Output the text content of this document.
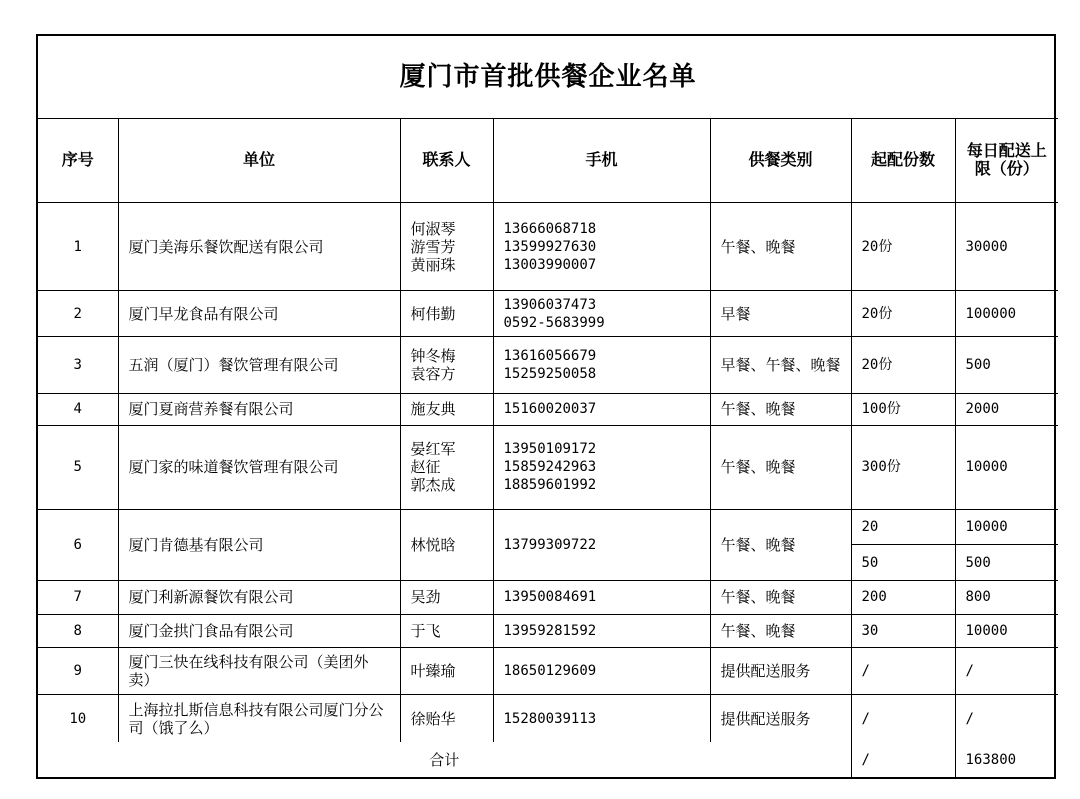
厦门市首批供餐企业名单						
序号	单位	联系人	手机	供餐类别	起配份数	每日配送上限（份）
1	厦门美海乐餐饮配送有限公司	何淑琴
游雪芳
黄丽珠	13666068718
13599927630
13003990007	午餐、晚餐	20份	30000
2	厦门早龙食品有限公司	柯伟勤	13906037473
0592-5683999	早餐	20份	100000
3	五润（厦门）餐饮管理有限公司	钟冬梅
袁容方	13616056679
15259250058	早餐、午餐、晚餐	20份	500
4	厦门夏商营养餐有限公司	施友典	15160020037	午餐、晚餐	100份	2000
5	厦门家的味道餐饮管理有限公司	晏红军
赵征
郭杰成	13950109172
15859242963
18859601992	午餐、晚餐	300份	10000
6	厦门肯德基有限公司	林悦晗	13799309722	午餐、晚餐	20	10000
					50	500
7	厦门利新源餐饮有限公司	吴劲	13950084691	午餐、晚餐	200	800
8	厦门金拱门食品有限公司	于飞	13959281592	午餐、晚餐	30	10000
9	厦门三快在线科技有限公司（美团外卖）	叶臻瑜	18650129609	提供配送服务	/	/
10	上海拉扎斯信息科技有限公司厦门分公司（饿了么）	徐贻华	15280039113	提供配送服务	/	/
合计					/	163800
